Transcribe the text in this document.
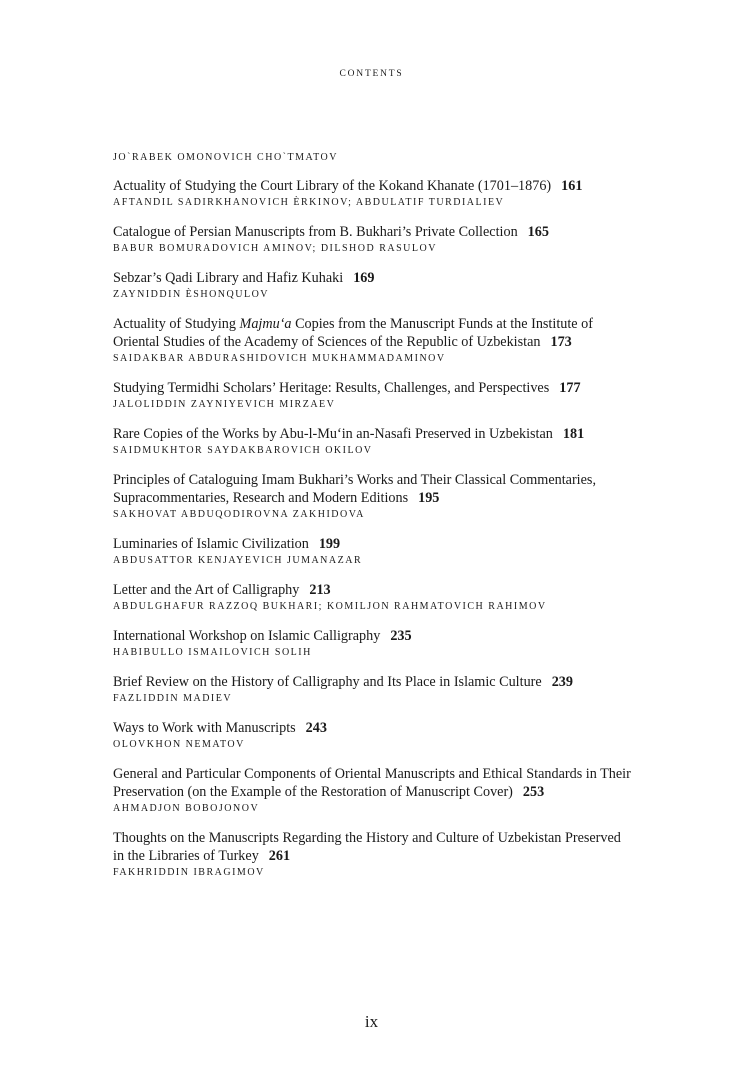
CONTENTS
JO`RABEK OMONOVICH CHO`TMATOV
Actuality of Studying the Court Library of the Kokand Khanate (1701–1876) 161
AFTANDIL SADIRKHANOVICH ÈRKINOV; ABDULATIF TURDIALIEV
Catalogue of Persian Manuscripts from B. Bukhari’s Private Collection 165
BABUR BOMURADOVICH AMINOV; DILSHOD RASULOV
Sebzar’s Qadi Library and Hafiz Kuhaki 169
ZAYNIDDIN ÈSHONQULOV
Actuality of Studying Majmu‘a Copies from the Manuscript Funds at the Institute of Oriental Studies of the Academy of Sciences of the Republic of Uzbekistan 173
SAIDAKBAR ABDURASHIDOVICH MUKHAMMADAMINOV
Studying Termidhi Scholars’ Heritage: Results, Challenges, and Perspectives 177
JALOLIDDIN ZAYNIYEVICH MIRZAEV
Rare Copies of the Works by Abu-l-Mu‘in an-Nasafi Preserved in Uzbekistan 181
SAIDMUKHTOR SAYDAKBAROVICH OKILOV
Principles of Cataloguing Imam Bukhari’s Works and Their Classical Commentaries, Supracommentaries, Research and Modern Editions 195
SAKHOVAT ABDUQODIROVNA ZAKHIDOVA
Luminaries of Islamic Civilization 199
ABDUSATTOR KENJAYEVICH JUMANAZAR
Letter and the Art of Calligraphy 213
ABDULGHAFUR RAZZOQ BUKHARI; KOMILJON RAHMATOVICH RAHIMOV
International Workshop on Islamic Calligraphy 235
HABIBULLO ISMAILOVICH SOLIH
Brief Review on the History of Calligraphy and Its Place in Islamic Culture 239
FAZLIDDIN MADIEV
Ways to Work with Manuscripts 243
OLOVKHON NEMATOV
General and Particular Components of Oriental Manuscripts and Ethical Standards in Their Preservation (on the Example of the Restoration of Manuscript Cover) 253
AHMADJON BOBOJONOV
Thoughts on the Manuscripts Regarding the History and Culture of Uzbekistan Preserved in the Libraries of Turkey 261
FAKHRIDDIN IBRAGIMOV
ix
